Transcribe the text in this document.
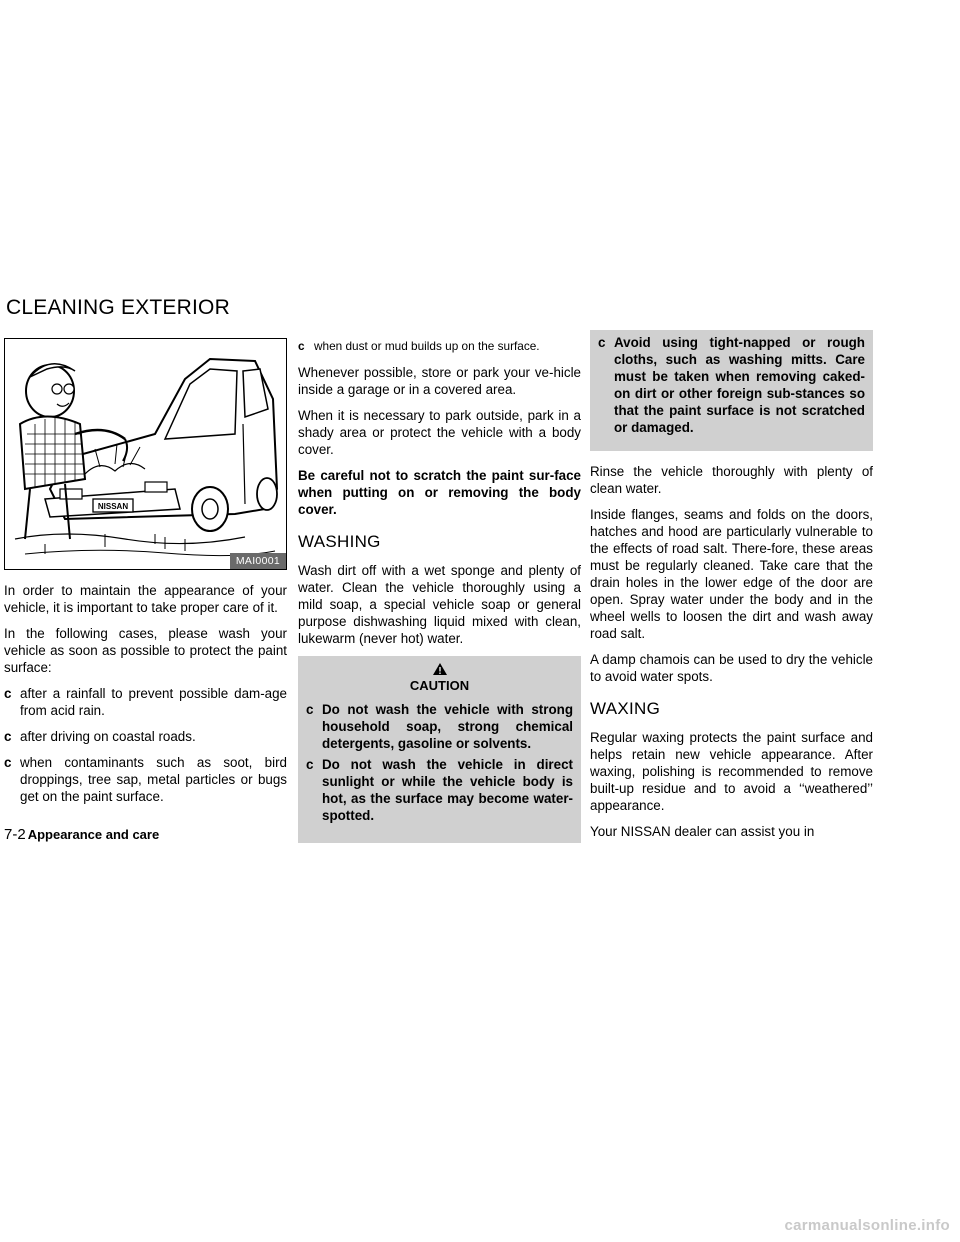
CLEANING EXTERIOR
NISSAN
MAI0001

In order to maintain the appearance of your vehicle, it is important to take proper care of it.

In the following cases, please wash your vehicle as soon as possible to protect the paint surface:

c after a rainfall to prevent possible dam-age from acid rain.
c after driving on coastal roads.
c when contaminants such as soot, bird droppings, tree sap, metal particles or bugs get on the paint surface.
c when dust or mud builds up on the surface.

Whenever possible, store or park your ve-hicle inside a garage or in a covered area.

When it is necessary to park outside, park in a shady area or protect the vehicle with a body cover.

Be careful not to scratch the paint sur-face when putting on or removing the body cover.

WASHING

Wash dirt off with a wet sponge and plenty of water. Clean the vehicle thoroughly using a mild soap, a special vehicle soap or general purpose dishwashing liquid mixed with clean, lukewarm (never hot) water.

CAUTION
c Do not wash the vehicle with strong household soap, strong chemical detergents, gasoline or solvents.
c Do not wash the vehicle in direct sunlight or while the vehicle body is hot, as the surface may become water-spotted.
c Avoid using tight-napped or rough cloths, such as washing mitts. Care must be taken when removing caked-on dirt or other foreign sub-stances so that the paint surface is not scratched or damaged.

Rinse the vehicle thoroughly with plenty of clean water.

Inside flanges, seams and folds on the doors, hatches and hood are particularly vulnerable to the effects of road salt. There-fore, these areas must be regularly cleaned. Take care that the drain holes in the lower edge of the door are open. Spray water under the body and in the wheel wells to loosen the dirt and wash away road salt.

A damp chamois can be used to dry the vehicle to avoid water spots.

WAXING

Regular waxing protects the paint surface and helps retain new vehicle appearance. After waxing, polishing is recommended to remove built-up residue and to avoid a ‘‘weathered’’ appearance.

Your NISSAN dealer can assist you in

7-2 Appearance and care
carmanualsonline.info
